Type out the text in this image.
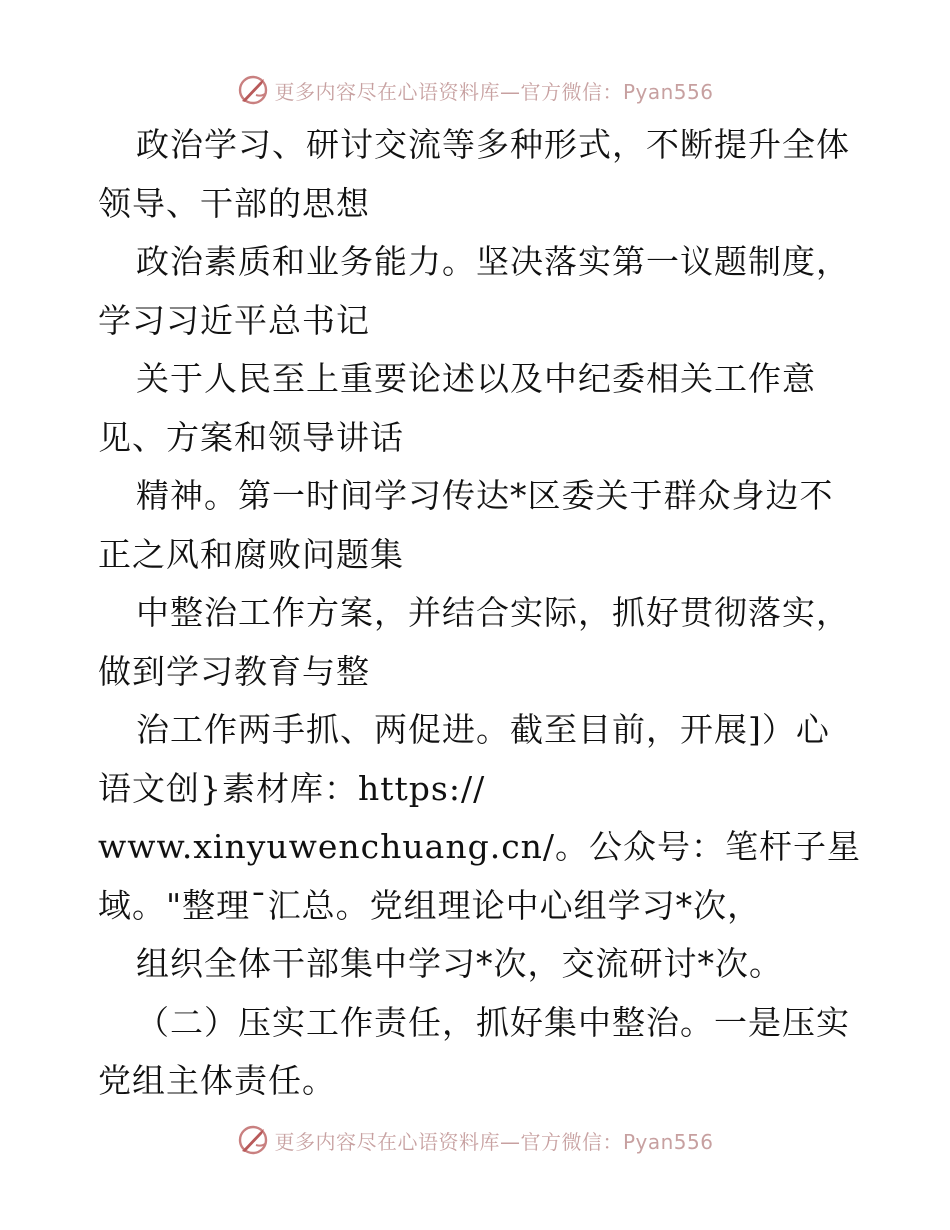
更多内容尽在心语资料库—官方微信：Pyan556
政治学习、研讨交流等多种形式，不断提升全体
领导、干部的思想
政治素质和业务能力。坚决落实第一议题制度，
学习习近平总书记
关于人民至上重要论述以及中纪委相关工作意
见、方案和领导讲话
精神。第一时间学习传达*区委关于群众身边不
正之风和腐败问题集
中整治工作方案，并结合实际，抓好贯彻落实，
做到学习教育与整
治工作两手抓、两促进。截至目前，开展]）心
语文创}素材库：https://
www.xinyuwenchuang.cn/。公众号：笔杆子星
域。"整理¯汇总。党组理论中心组学习*次，
组织全体干部集中学习*次，交流研讨*次。
（二）压实工作责任，抓好集中整治。一是压实
党组主体责任。
更多内容尽在心语资料库—官方微信：Pyan556
